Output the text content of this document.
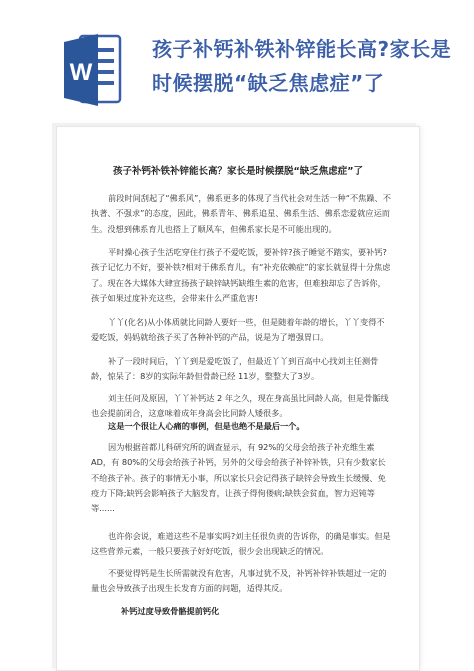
W
孩子补钙补铁补锌能长高?家长是时候摆脱“缺乏焦虑症”了
孩子补钙补铁补锌能长高？家长是时候摆脱“缺乏焦虑症”了

前段时间刮起了“佛系风”，佛系更多的体现了当代社会对生活一种“不焦躁、不执著、不强求”的态度，因此，佛系青年、佛系追星、佛系生活、佛系恋爱就应运而生。没想到佛系育儿也搭上了顺风车，但佛系家长是不可能出现的。

平时操心孩子生活吃穿住行孩子不爱吃饭，要补锌?孩子睡觉不踏实，要补钙?孩子记忆力不好，要补铁?相对于佛系育儿，有“补充依赖症”的家长就显得十分焦虑了。现在各大媒体大肆宣扬孩子缺锌缺钙缺维生素的危害，但难独却忘了告诉你，孩子如果过度补充这些，会带来什么严重危害!

丫丫(化名)从小体质就比同龄人要好一些，但是随着年龄的增长，丫丫变得不爱吃饭，妈妈就给孩子买了各种补钙的产品，说是为了增强胃口。

补了一段时间后，丫丫到是爱吃饭了，但最近丫丫到百高中心找刘主任测骨龄，惊呆了：8岁的实际年龄但骨龄已经 11岁，整整大了3岁。

刘主任问及原因，丫丫补钙达 2 年之久，现在身高虽比同龄人高，但是骨骺线也会提前闭合，这意味着成年身高会比同龄人矮很多。

这是一个很让人心痛的事例，但是也绝不是最后一个。

因为根据首都儿科研究所的调查显示，有 92%的父母会给孩子补充维生素 AD，有 80%的父母会给孩子补钙，另外的父母会给孩子补锌补铁，只有少数家长不给孩子补。孩子的事情无小事，所以家长只会记得孩子缺锌会导致生长缓慢、免疫力下降;缺钙会影响孩子大脑发育，让孩子得佝偻病;缺铁会贫血，智力迟钝等等......

也许你会说，难道这些不是事实吗?刘主任很负责的告诉你，的确是事实。但是这些营养元素，一般只要孩子好好吃饭，很少会出现缺乏的情况。

不要觉得钙是生长所需就没有危害，凡事过犹不及，补钙补锌补铁超过一定的量也会导致孩子出现生长发育方面的问题，适得其反。

补钙过度导致骨骼提前钙化
